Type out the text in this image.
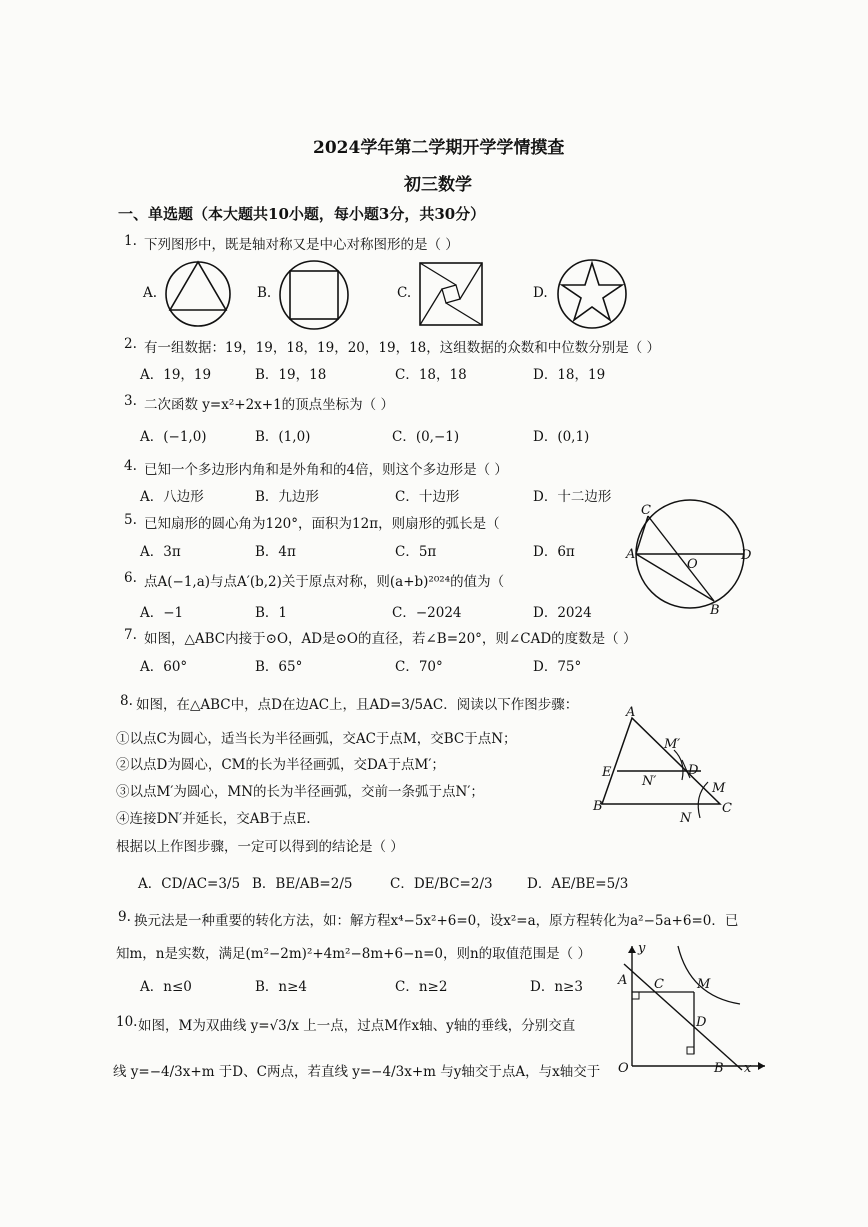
2024学年第二学期开学学情摸查
初三数学
一、单选题（本大题共10小题，每小题3分，共30分）
1. 下列图形中，既是轴对称又是中心对称图形的是（ ）
A.	B.	C.	D.
2. 有一组数据：19，19，18，19，20，19，18，这组数据的众数和中位数分别是（ ）
A．19，19	B．19，18	C．18，18	D．18，19
3. 二次函数 y=x²+2x+1的顶点坐标为（ ）
A．(−1,0)	B．(1,0)	C．(0,−1)	D．(0,1)
4. 已知一个多边形内角和是外角和的4倍，则这个多边形是（ ）
A．八边形	B．九边形	C．十边形	D．十二边形
5. 已知扇形的圆心角为120°，面积为12π，则扇形的弧长是（
A．3π	B．4π	C．5π	D．6π
6. 点A(−1,a)与点A′(b,2)关于原点对称，则(a+b)²⁰²⁴的值为（
A．−1	B．1	C．−2024	D．2024
C
A
O
D
B
7. 如图，△ABC内接于⊙O，AD是⊙O的直径，若∠B=20°，则∠CAD的度数是（ ）
A．60°	B．65°	C．70°	D．75°
8. 如图，在△ABC中，点D在边AC上，且AD=3/5AC．阅读以下作图步骤：
①以点C为圆心，适当长为半径画弧，交AC于点M，交BC于点N；
②以点D为圆心，CM的长为半径画弧，交DA于点M′；
③以点M′为圆心，MN的长为半径画弧，交前一条弧于点N′；
④连接DN′并延长，交AB于点E.
根据以上作图步骤，一定可以得到的结论是（ ）
A．CD/AC=3/5 B．BE/AB=2/5	C．DE/BC=2/3	D．AE/BE=5/3
A
M′
E
N′
D
M
B
N
C
9. 换元法是一种重要的转化方法，如：解方程x⁴−5x²+6=0，设x²=a，原方程转化为a²−5a+6=0．已
知m，n是实数，满足(m²−2m)²+4m²−8m+6−n=0，则n的取值范围是（ ）
A．n≤0	B．n≥4	C．n≥2	D．n≥3
y
A C	M
D
O	B x
10. 如图，M为双曲线 y=√3/x 上一点，过点M作x轴、y轴的垂线，分别交直
线 y=−4/3x+m 于D、C两点，若直线 y=−4/3x+m 与y轴交于点A，与x轴交于
